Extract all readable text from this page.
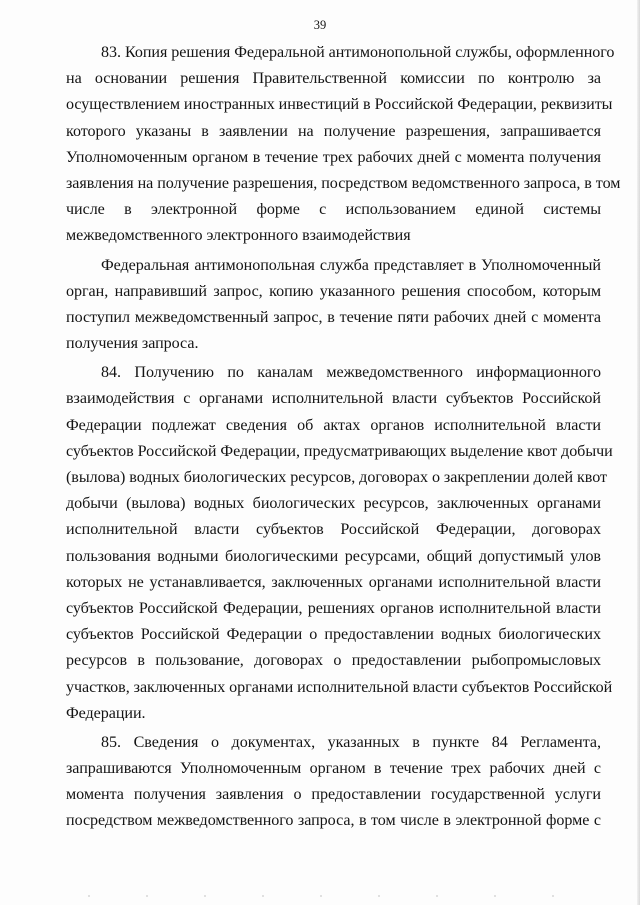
39
83. Копия решения Федеральной антимонопольной службы, оформленного
на основании решения Правительственной комиссии по контролю за
осуществлением иностранных инвестиций в Российской Федерации, реквизиты
которого указаны в заявлении на получение разрешения, запрашивается
Уполномоченным органом в течение трех рабочих дней с момента получения
заявления на получение разрешения, посредством ведомственного запроса, в том
числе в электронной форме с использованием единой системы
межведомственного электронного взаимодействия
Федеральная антимонопольная служба представляет в Уполномоченный
орган, направивший запрос, копию указанного решения способом, которым
поступил межведомственный запрос, в течение пяти рабочих дней с момента
получения запроса.
84. Получению по каналам межведомственного информационного
взаимодействия с органами исполнительной власти субъектов Российской
Федерации подлежат сведения об актах органов исполнительной власти
субъектов Российской Федерации, предусматривающих выделение квот добычи
(вылова) водных биологических ресурсов, договорах о закреплении долей квот
добычи (вылова) водных биологических ресурсов, заключенных органами
исполнительной власти субъектов Российской Федерации, договорах
пользования водными биологическими ресурсами, общий допустимый улов
которых не устанавливается, заключенных органами исполнительной власти
субъектов Российской Федерации, решениях органов исполнительной власти
субъектов Российской Федерации о предоставлении водных биологических
ресурсов в пользование, договорах о предоставлении рыбопромысловых
участков, заключенных органами исполнительной власти субъектов Российской
Федерации.
85. Сведения о документах, указанных в пункте 84 Регламента,
запрашиваются Уполномоченным органом в течение трех рабочих дней с
момента получения заявления о предоставлении государственной услуги
посредством межведомственного запроса, в том числе в электронной форме с
